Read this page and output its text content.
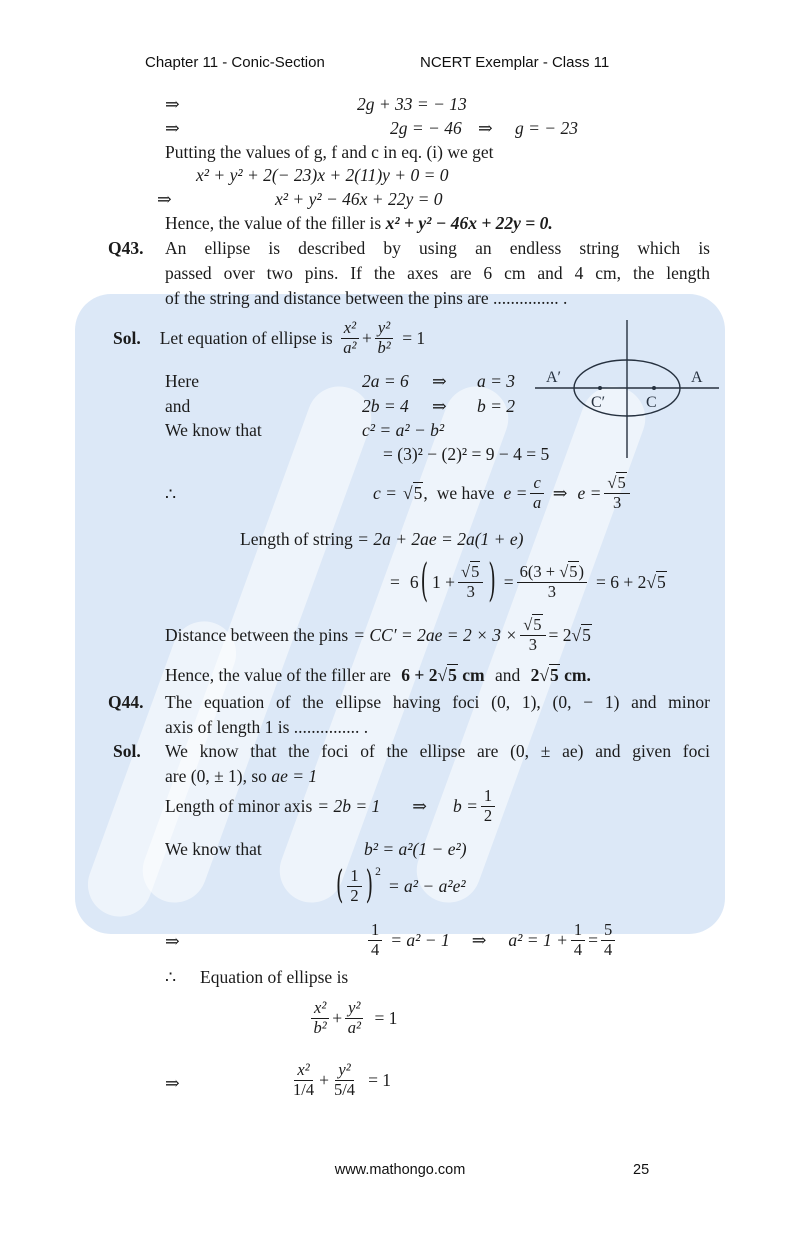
Chapter 11 - Conic-Section	NCERT Exemplar - Class 11
⇒	2g + 33 = − 13
⇒	2g = − 46 ⇒ g = − 23
Putting the values of g, f and c in eq. (i) we get
x² + y² + 2(− 23)x + 2(11)y + 0 = 0
⇒	x² + y² − 46x + 22y = 0
Hence, the value of the filler is x² + y² − 46x + 22y = 0.
Q43. An ellipse is described by using an endless string which is
passed over two pins. If the axes are 6 cm and 4 cm, the length
of the string and distance between the pins are ............... .
Sol. Let equation of ellipse is $\frac{\text{x²}}{\text{a²}} + \frac{\text{y²}}{\text{b²}} = 1$
Here	2a = 6 ⇒ a = 3
and	2b = 4 ⇒ b = 2
We know that	c² = a² − b²
= (3)² − (2)² = 9 − 4 = 5
∴	c = √5 , we have $e = \frac{c}{a}$ ⇒ $e = \frac{√5}{3}$
Length of string = 2a + 2ae = 2a(1 + e)
= 6 ( $1 + \frac{√5}{3}$ ) = 6(3 +
√5 )
3 = 6 + 2 √5
Distance between the pins = $CC' = 2ae = 2 \times 3 \times \frac{√5}{3} = 2$ √5
Hence, the value of the filler are 6 + 2√5 cm and 2√5 cm.
Q44. The equation of the ellipse having foci (0, 1), (0, − 1) and minor
axis of length 1 is ............... .
Sol. We know that the foci of the ellipse are (0, ± ae) and given foci
are (0, ± 1), so ae = 1
Length of minor axis = 2b = 1 ⇒ $b = \frac{1}{2}$
We know that	b² = a²(1 − e²)
( $\frac{1}{2}$ ) 2
= a² − a²e²
⇒	$\frac{1}{4} = a^2 - 1$ ⇒ $a^2 = 1 + \frac{1}{4} = \frac{5}{4}$
∴ Equation of ellipse is
$\frac{\text{x²}}{\text{b²}} + \frac{\text{y²}}{\text{a²}} = 1$
⇒	$\frac{\text{x²}}{1/4} + \frac{\text{y²}}{5/4} = 1$
A′	A
C′	C
www.mathongo.com	25
